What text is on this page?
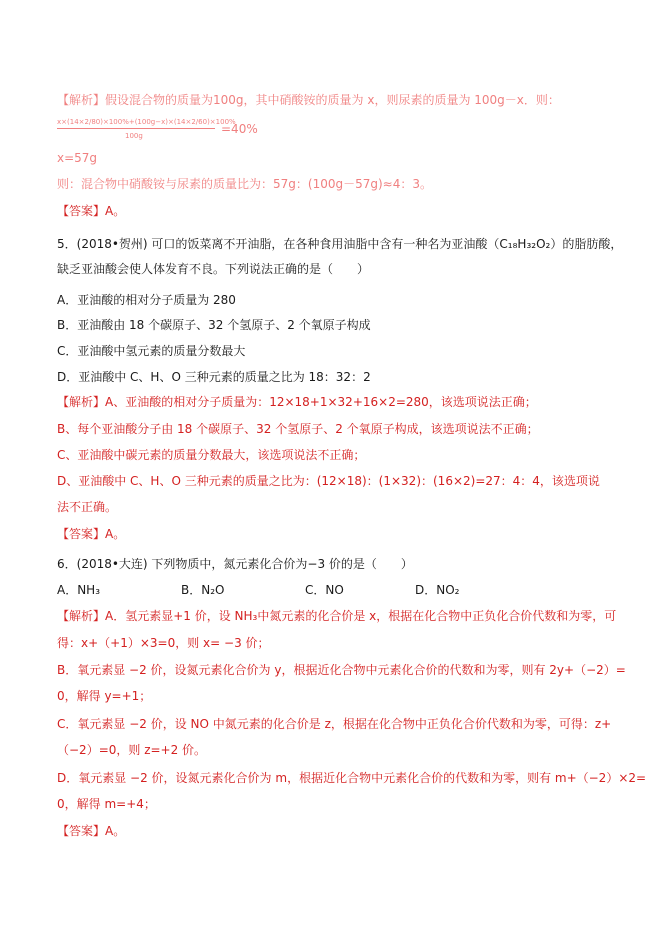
【解析】假设混合物的质量为100g，其中硝酸铵的质量为 x，则尿素的质量为 100g－x．则：
x×(14×2/80)×100%+(100g−x)×(14×2/60)×100%
100g	=40%
x=57g
则：混合物中硝酸铵与尿素的质量比为：57g：(100g－57g)≈4：3。
【答案】A。
5．(2018•贺州) 可口的饭菜离不开油脂，在各种食用油脂中含有一种名为亚油酸（C₁₈H₃₂O₂）的脂肪酸，
缺乏亚油酸会使人体发育不良。下列说法正确的是（　　）
A．亚油酸的相对分子质量为 280
B．亚油酸由 18 个碳原子、32 个氢原子、2 个氧原子构成
C．亚油酸中氢元素的质量分数最大
D．亚油酸中 C、H、O 三种元素的质量之比为 18：32：2
【解析】A、亚油酸的相对分子质量为：12×18+1×32+16×2=280，该选项说法正确；
B、每个亚油酸分子由 18 个碳原子、32 个氢原子、2 个氧原子构成，该选项说法不正确；
C、亚油酸中碳元素的质量分数最大，该选项说法不正确；
D、亚油酸中 C、H、O 三种元素的质量之比为：(12×18)：(1×32)：(16×2)=27：4：4，该选项说
法不正确。
【答案】A。
6．(2018•大连) 下列物质中，氮元素化合价为−3 价的是（　　）
A．NH₃	B．N₂O	C．NO	D．NO₂
【解析】A．氢元素显+1 价，设 NH₃中氮元素的化合价是 x，根据在化合物中正负化合价代数和为零，可
得：x+（+1）×3=0，则 x= −3 价；
B．氧元素显 −2 价，设氮元素化合价为 y，根据近化合物中元素化合价的代数和为零，则有 2y+（−2）=
0，解得 y=+1；
C．氧元素显 −2 价，设 NO 中氮元素的化合价是 z，根据在化合物中正负化合价代数和为零，可得：z+
（−2）=0，则 z=+2 价。
D．氧元素显 −2 价，设氮元素化合价为 m，根据近化合物中元素化合价的代数和为零，则有 m+（−2）×2=
0，解得 m=+4；
【答案】A。
